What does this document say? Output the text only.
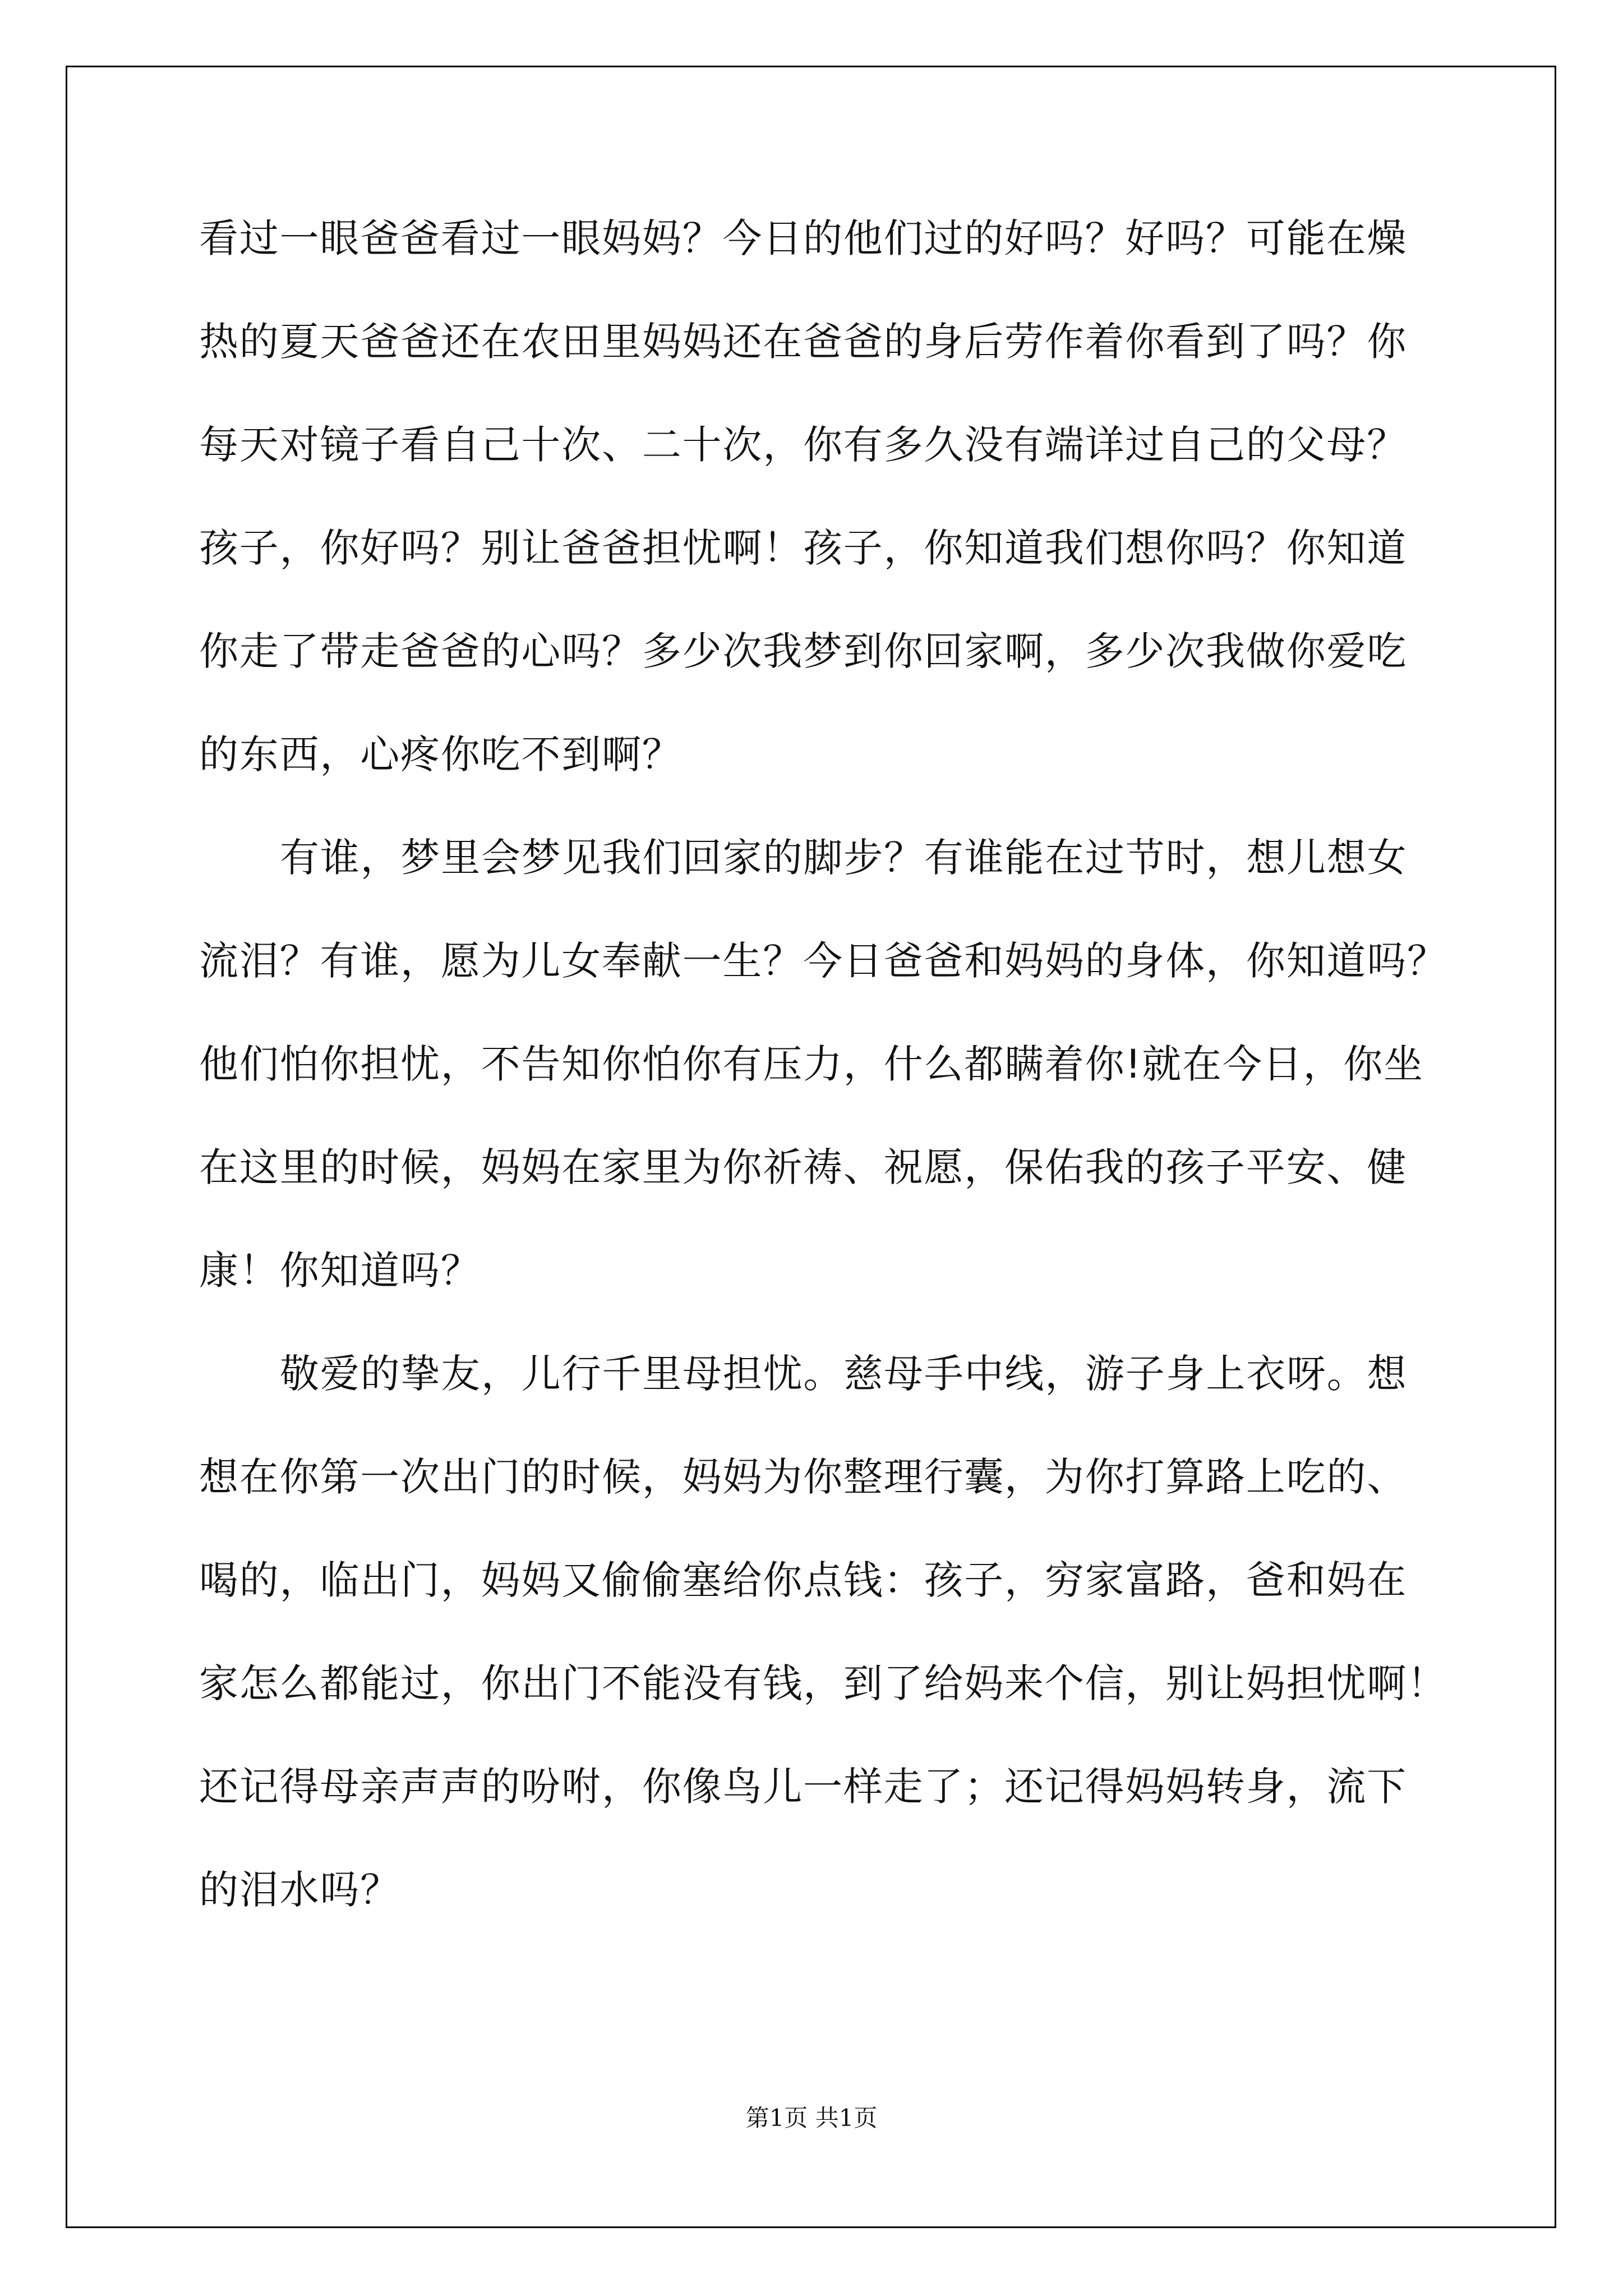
看过一眼爸爸看过一眼妈妈？今日的他们过的好吗？好吗？可能在燥
热的夏天爸爸还在农田里妈妈还在爸爸的身后劳作着你看到了吗？你
每天对镜子看自己十次、二十次，你有多久没有端详过自己的父母？
孩子，你好吗？别让爸爸担忧啊！孩子，你知道我们想你吗？你知道
你走了带走爸爸的心吗？多少次我梦到你回家啊，多少次我做你爱吃
的东西，心疼你吃不到啊？
有谁，梦里会梦见我们回家的脚步？有谁能在过节时，想儿想女
流泪？有谁，愿为儿女奉献一生？今日爸爸和妈妈的身体，你知道吗？
他们怕你担忧，不告知你怕你有压力，什么都瞒着你!就在今日，你坐
在这里的时候，妈妈在家里为你祈祷、祝愿，保佑我的孩子平安、健
康！你知道吗？
敬爱的挚友，儿行千里母担忧。慈母手中线，游子身上衣呀。想
想在你第一次出门的时候，妈妈为你整理行囊，为你打算路上吃的、
喝的，临出门，妈妈又偷偷塞给你点钱：孩子，穷家富路，爸和妈在
家怎么都能过，你出门不能没有钱，到了给妈来个信，别让妈担忧啊！
还记得母亲声声的吩咐，你像鸟儿一样走了；还记得妈妈转身，流下
的泪水吗？
第1页 共1页
